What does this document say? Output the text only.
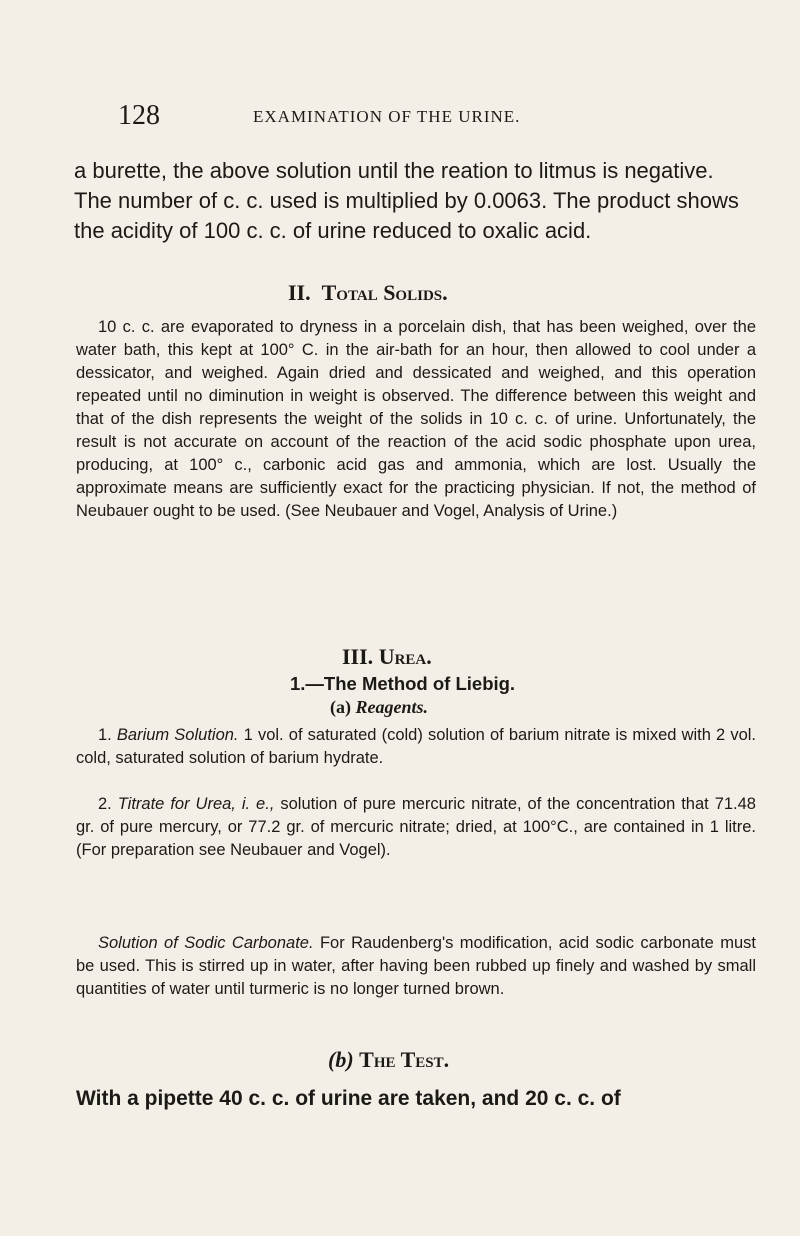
128	EXAMINATION OF THE URINE.

a burette, the above solution until the reation to litmus is negative. The number of c. c. used is multiplied by 0.0063. The product shows the acidity of 100 c. c. of urine reduced to oxalic acid.

II. Total Solids.

10 c. c. are evaporated to dryness in a porcelain dish, that has been weighed, over the water bath, this kept at 100° C. in the air-bath for an hour, then allowed to cool under a dessicator, and weighed. Again dried and dessicated and weighed, and this operation repeated until no diminution in weight is observed. The difference between this weight and that of the dish represents the weight of the solids in 10 c. c. of urine. Unfortunately, the result is not accurate on account of the reaction of the acid sodic phosphate upon urea, producing, at 100° c., carbonic acid gas and ammonia, which are lost. Usually the approximate means are sufficiently exact for the practicing physician. If not, the method of Neubauer ought to be used. (See Neubauer and Vogel, Analysis of Urine.)

III. Urea.
1.—The Method of Liebig.
(a) Reagents.

1. Barium Solution. 1 vol. of saturated (cold) solution of barium nitrate is mixed with 2 vol. cold, saturated solution of barium hydrate.

2. Titrate for Urea, i. e., solution of pure mercuric nitrate, of the concentration that 71.48 gr. of pure mercury, or 77.2 gr. of mercuric nitrate; dried, at 100°C., are contained in 1 litre. (For preparation see Neubauer and Vogel).

Solution of Sodic Carbonate. For Raudenberg's modification, acid sodic carbonate must be used. This is stirred up in water, after having been rubbed up finely and washed by small quantities of water until turmeric is no longer turned brown.

(b) The Test.

With a pipette 40 c. c. of urine are taken, and 20 c. c. of
